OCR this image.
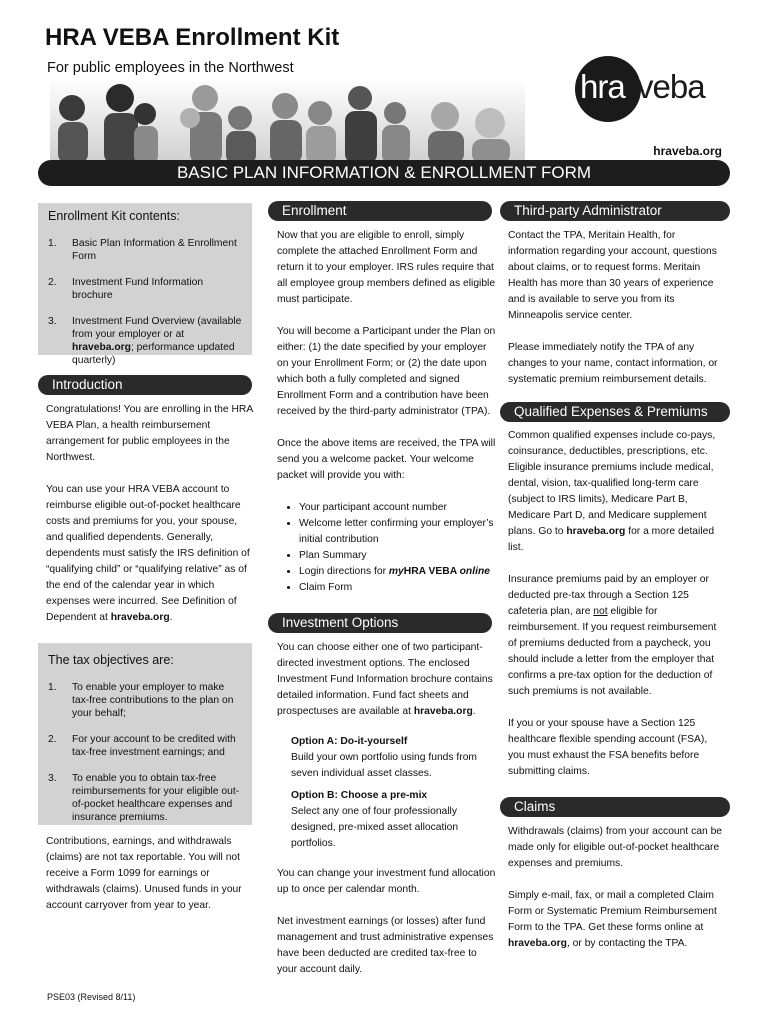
HRA VEBA Enrollment Kit
For public employees in the Northwest	hra veba
hraveba.org
BASIC PLAN INFORMATION & ENROLLMENT FORM
Enrollment Kit contents:
1.	Basic Plan Information & Enrollment Form
2.	Investment Fund Information brochure
3.	Investment Fund Overview (available from your employer or at hraveba.org; performance updated quarterly)
Introduction

Congratulations! You are enrolling in the HRA VEBA Plan, a health reimbursement arrangement for public employees in the Northwest.

You can use your HRA VEBA account to reimburse eligible out-of-pocket healthcare costs and premiums for you, your spouse, and qualified dependents. Generally, dependents must satisfy the IRS definition of “qualifying child” or “qualifying relative” as of the end of the calendar year in which expenses were incurred. See Definition of Dependent at hraveba.org.

The tax objectives are:
1.	To enable your employer to make tax-free contributions to the plan on your behalf;
2.	For your account to be credited with tax-free investment earnings; and
3.	To enable you to obtain tax-free reimbursements for your eligible out-of-pocket healthcare expenses and insurance premiums.
Contributions, earnings, and withdrawals (claims) are not tax reportable. You will not receive a Form 1099 for earnings or withdrawals (claims). Unused funds in your account carryover from year to year.
Enrollment

Now that you are eligible to enroll, simply complete the attached Enrollment Form and return it to your employer. IRS rules require that all employee group members defined as eligible must participate.

You will become a Participant under the Plan on either: (1) the date specified by your employer on your Enrollment Form; or (2) the date upon which both a fully completed and signed Enrollment Form and a contribution have been received by the third-party administrator (TPA).

Once the above items are received, the TPA will send you a welcome packet. Your welcome packet will provide you with:

• Your participant account number
• Welcome letter confirming your employer’s initial contribution
• Plan Summary
• Login directions for myHRA VEBA online
• Claim Form
Investment Options

You can choose either one of two participant-directed investment options. The enclosed Investment Fund Information brochure contains detailed information. Fund fact sheets and prospectuses are available at hraveba.org.

Option A: Do-it-yourself
Build your own portfolio using funds from seven individual asset classes.
Option B: Choose a pre-mix
Select any one of four professionally designed, pre-mixed asset allocation portfolios.

You can change your investment fund allocation up to once per calendar month.

Net investment earnings (or losses) after fund management and trust administrative expenses have been deducted are credited tax-free to your account daily.

Third-party Administrator

Contact the TPA, Meritain Health, for information regarding your account, questions about claims, or to request forms. Meritain Health has more than 30 years of experience and is available to serve you from its Minneapolis service center.

Please immediately notify the TPA of any changes to your name, contact information, or systematic premium reimbursement details.

Qualified Expenses & Premiums

Common qualified expenses include co-pays, coinsurance, deductibles, prescriptions, etc. Eligible insurance premiums include medical, dental, vision, tax-qualified long-term care (subject to IRS limits), Medicare Part B, Medicare Part D, and Medicare supplement plans. Go to hraveba.org for a more detailed list.

Insurance premiums paid by an employer or deducted pre-tax through a Section 125 cafeteria plan, are not eligible for reimbursement. If you request reimbursement of premiums deducted from a paycheck, you should include a letter from the employer that confirms a pre-tax option for the deduction of such premiums is not available.

If you or your spouse have a Section 125 healthcare flexible spending account (FSA), you must exhaust the FSA benefits before submitting claims.

Claims

Withdrawals (claims) from your account can be made only for eligible out-of-pocket healthcare expenses and premiums.

Simply e-mail, fax, or mail a completed Claim Form or Systematic Premium Reimbursement Form to the TPA. Get these forms online at hraveba.org, or by contacting the TPA.

PSE03 (Revised 8/11)
